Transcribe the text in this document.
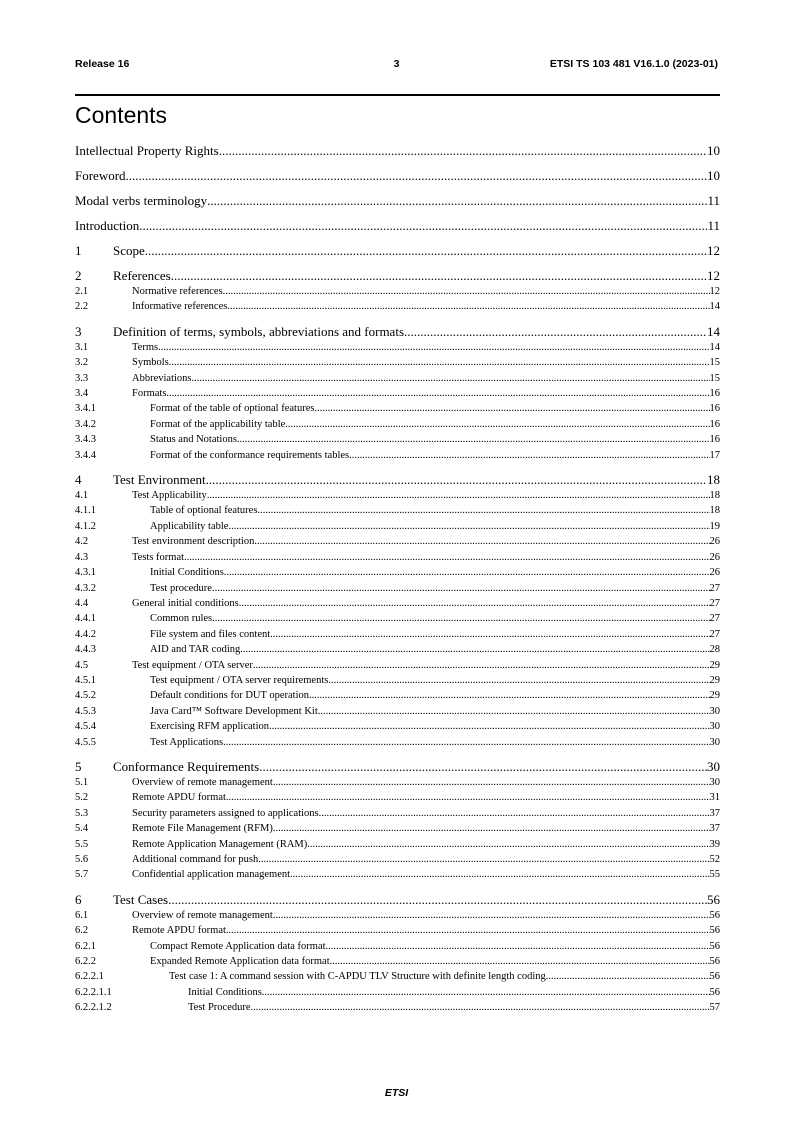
Release 16	3	ETSI TS 103 481 V16.1.0 (2023-01)
Contents
Intellectual Property Rights .....	10
Foreword .....	10
Modal verbs terminology .....	11
Introduction .....	11
1	Scope .....	12
2	References .....	12
2.1	Normative references .....	12
2.2	Informative references .....	14
3	Definition of terms, symbols, abbreviations and formats .....	14
3.1	Terms .....	14
3.2	Symbols .....	15
3.3	Abbreviations .....	15
3.4	Formats .....	16
3.4.1	Format of the table of optional features .....	16
3.4.2	Format of the applicability table .....	16
3.4.3	Status and Notations .....	16
3.4.4	Format of the conformance requirements tables .....	17
4	Test Environment .....	18
4.1	Test Applicability .....	18
4.1.1	Table of optional features .....	18
4.1.2	Applicability table .....	19
4.2	Test environment description .....	26
4.3	Tests format .....	26
4.3.1	Initial Conditions .....	26
4.3.2	Test procedure .....	27
4.4	General initial conditions .....	27
4.4.1	Common rules .....	27
4.4.2	File system and files content .....	27
4.4.3	AID and TAR coding .....	28
4.5	Test equipment / OTA server .....	29
4.5.1	Test equipment / OTA server requirements .....	29
4.5.2	Default conditions for DUT operation .....	29
4.5.3	Java Card™ Software Development Kit .....	30
4.5.4	Exercising RFM application .....	30
4.5.5	Test Applications .....	30
5	Conformance Requirements .....	30
5.1	Overview of remote management .....	30
5.2	Remote APDU format .....	31
5.3	Security parameters assigned to applications .....	37
5.4	Remote File Management (RFM) .....	37
5.5	Remote Application Management (RAM) .....	39
5.6	Additional command for push .....	52
5.7	Confidential application management .....	55
6	Test Cases .....	56
6.1	Overview of remote management .....	56
6.2	Remote APDU format .....	56
6.2.1	Compact Remote Application data format .....	56
6.2.2	Expanded Remote Application data format .....	56
6.2.2.1	Test case 1: A command session with C-APDU TLV Structure with definite length coding .....	56
6.2.2.1.1	Initial Conditions .....	56
6.2.2.1.2	Test Procedure .....	57
ETSI
